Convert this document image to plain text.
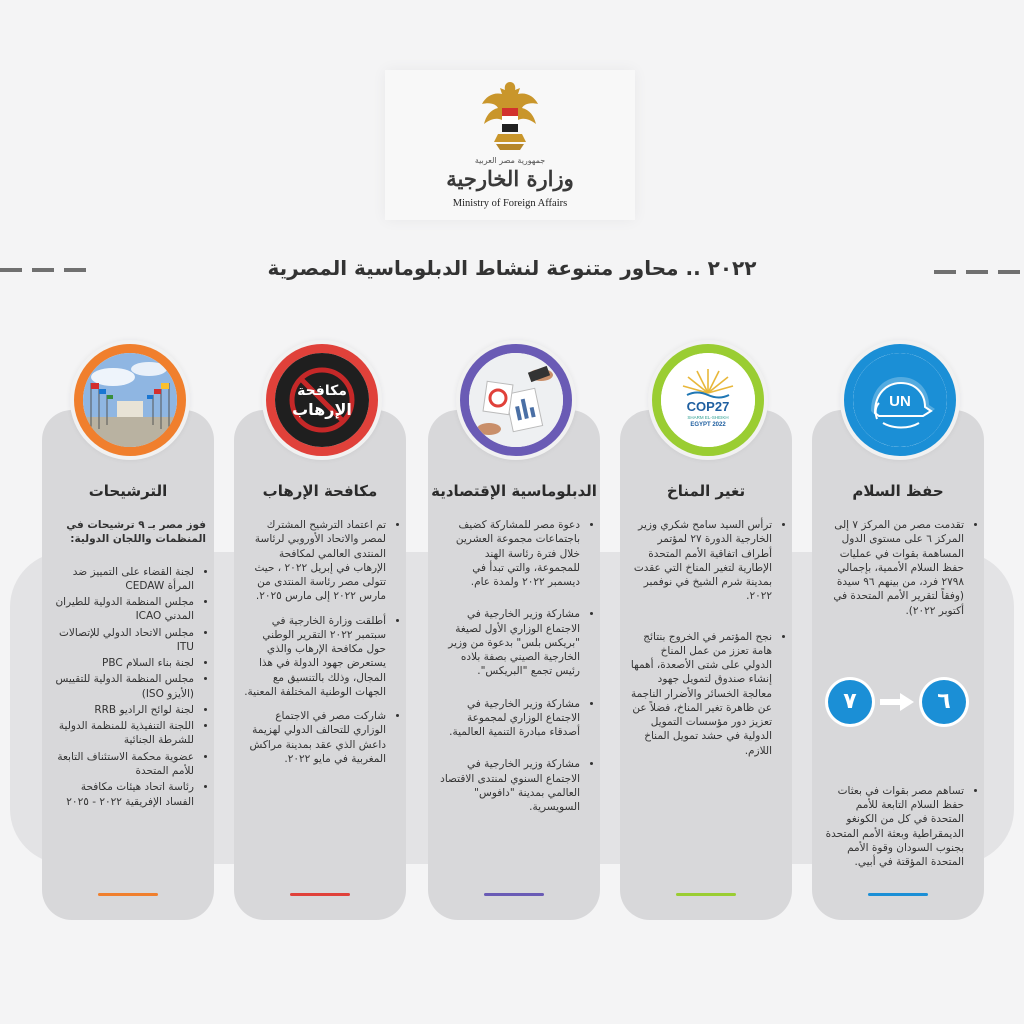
جمهورية مصر العربية
وزارة الخارجية
Ministry of Foreign Affairs
٢٠٢٢ .. محاور متنوعة لنشاط الدبلوماسية المصرية
حفظ السلام
• تقدمت مصر من المركز ٧ إلى المركز ٦ على مستوى الدول المساهمة بقوات في عمليات حفظ السلام الأممية، بإجمالي ٢٧٩٨ فرد، من بينهم ٩٦ سيدة (وفقاً لتقرير الأمم المتحدة في أكتوبر ٢٠٢٢).
• تساهم مصر بقوات في بعثات حفظ السلام التابعة للأمم المتحدة في كل من الكونغو الديمقراطية وبعثة الأمم المتحدة بجنوب السودان وقوة الأمم المتحدة المؤقتة في أبيي.
٧	٦
تغير المناخ
• ترأس السيد سامح شكري وزير الخارجية الدورة ٢٧ لمؤتمر أطراف اتفاقية الأمم المتحدة الإطارية لتغير المناخ التي عقدت بمدينة شرم الشيخ في نوفمبر ٢٠٢٢.
• نجح المؤتمر في الخروج بنتائج هامة تعزز من عمل المناخ الدولي على شتى الأصعدة، أهمها إنشاء صندوق لتمويل جهود معالجة الخسائر والأضرار الناجمة عن ظاهرة تغير المناخ، فضلاً عن تعزيز دور مؤسسات التمويل الدولية في حشد تمويل المناخ اللازم.
الدبلوماسية الإقتصادية
• دعوة مصر للمشاركة كضيف باجتماعات مجموعة العشرين خلال فترة رئاسة الهند للمجموعة، والتي تبدأ في ديسمبر ٢٠٢٢ ولمدة عام.
• مشاركة وزير الخارجية في الاجتماع الوزاري الأول لصيغة "بريكس بلس" بدعوة من وزير الخارجية الصيني بصفة بلاده رئيس تجمع "البريكس".
• مشاركة وزير الخارجية في الاجتماع الوزاري لمجموعة أصدقاء مبادرة التنمية العالمية.
• مشاركة وزير الخارجية في الاجتماع السنوي لمنتدى الاقتصاد العالمي بمدينة "دافوس" السويسرية.
مكافحة الإرهاب
• تم اعتماد الترشيح المشترك لمصر والاتحاد الأوروبي لرئاسة المنتدى العالمي لمكافحة الإرهاب في إبريل ٢٠٢٢ ، حيث تتولى مصر رئاسة المنتدى من مارس ٢٠٢٢ إلى مارس ٢٠٢٥.
• أطلقت وزارة الخارجية في سبتمبر ٢٠٢٢ التقرير الوطني حول مكافحة الإرهاب والذي يستعرض جهود الدولة في هذا المجال، وذلك بالتنسيق مع الجهات الوطنية المختلفة المعنية.
• شاركت مصر في الاجتماع الوزاري للتحالف الدولي لهزيمة داعش الذي عقد بمدينة مراكش المغربية في مايو ٢٠٢٢.
الترشيحات

فوز مصر بـ ٩ ترشيحات في المنظمات واللجان الدولية:

• لجنة القضاء على التمييز ضد المرأة CEDAW
• مجلس المنظمة الدولية للطيران المدني ICAO
• مجلس الاتحاد الدولي للإتصالات ITU
• لجنة بناء السلام PBC
• مجلس المنظمة الدولية للتقييس (الأيزو ISO)
• لجنة لوائح الراديو RRB
• اللجنة التنفيذية للمنظمة الدولية للشرطة الجنائية
• عضوية محكمة الاستئناف التابعة للأمم المتحدة
• رئاسة اتحاد هيئات مكافحة الفساد الإفريقية ٢٠٢٢ - ٢٠٢٥
UN
COP27
SHARM EL-SHEIKH
EGYPT 2022
مكافحة
الإرهاب
